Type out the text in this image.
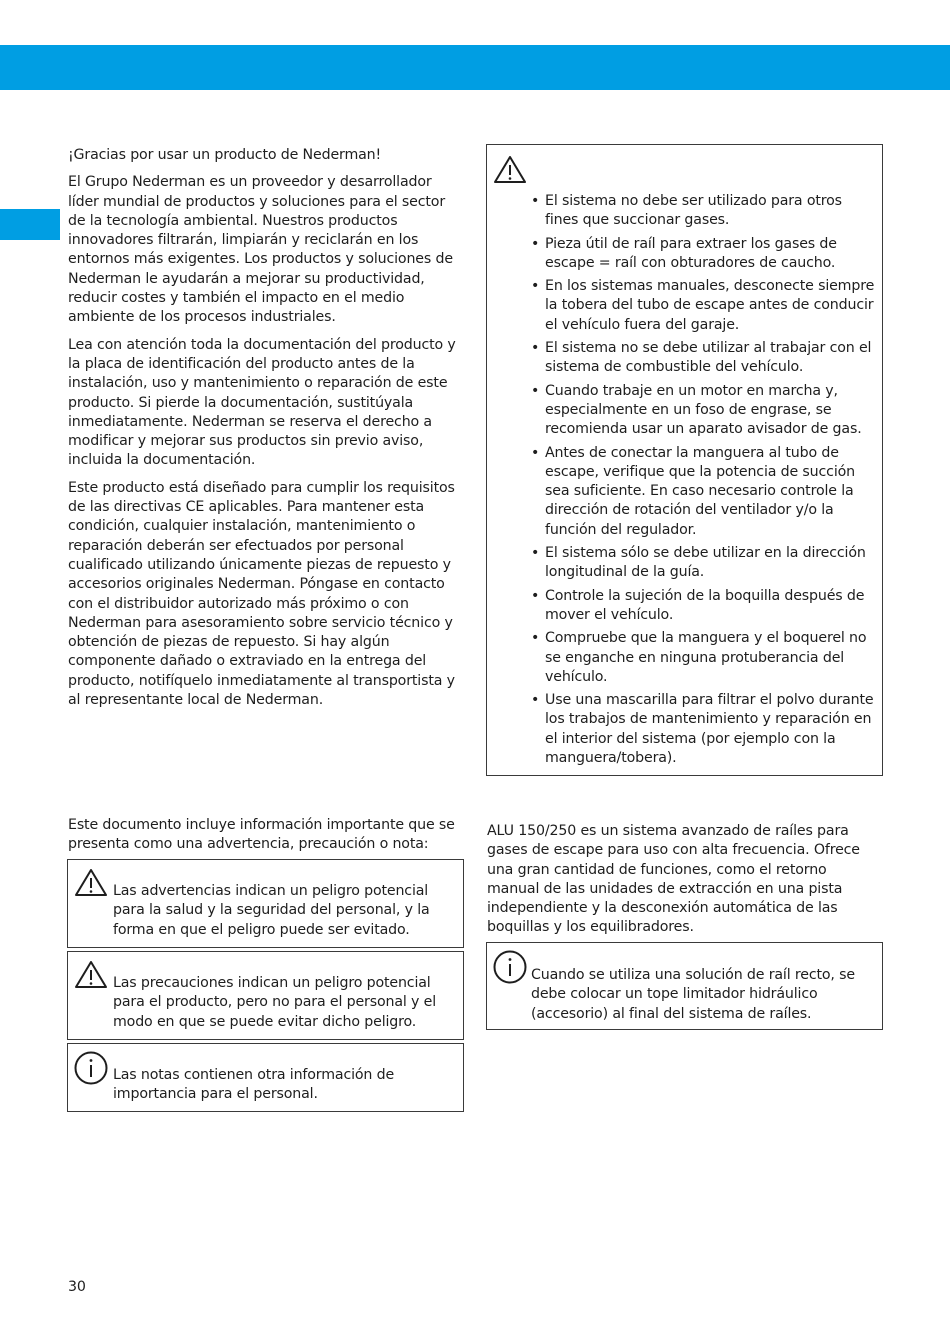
¡Gracias por usar un producto de Nederman!

El Grupo Nederman es un proveedor y desarrollador líder mundial de productos y soluciones para el sector de la tecnología ambiental. Nuestros productos innovadores filtrarán, limpiarán y reciclarán en los entornos más exigentes. Los productos y soluciones de Nederman le ayudarán a mejorar su productividad, reducir costes y también el impacto en el medio ambiente de los procesos industriales.

Lea con atención toda la documentación del producto y la placa de identificación del producto antes de la instalación, uso y mantenimiento o reparación de este producto. Si pierde la documentación, sustitúyala inmediatamente. Nederman se reserva el derecho a modificar y mejorar sus productos sin previo aviso, incluida la documentación.

Este producto está diseñado para cumplir los requisitos de las directivas CE aplicables. Para mantener esta condición, cualquier instalación, mantenimiento o reparación deberán ser efectuados por personal cualificado utilizando únicamente piezas de repuesto y accesorios originales Nederman. Póngase en contacto con el distribuidor autorizado más próximo o con Nederman para asesoramiento sobre servicio técnico y obtención de piezas de repuesto. Si hay algún componente dañado o extraviado en la entrega del producto, notifíquelo inmediatamente al transportista y al representante local de Nederman.

• El sistema no debe ser utilizado para otros fines que succionar gases.
• Pieza útil de raíl para extraer los gases de escape = raíl con obturadores de caucho.
• En los sistemas manuales, desconecte siempre la tobera del tubo de escape antes de conducir el vehículo fuera del garaje.
• El sistema no se debe utilizar al trabajar con el sistema de combustible del vehículo.
• Cuando trabaje en un motor en marcha y, especialmente en un foso de engrase, se recomienda usar un aparato avisador de gas.
• Antes de conectar la manguera al tubo de escape, verifique que la potencia de succión sea suficiente. En caso necesario controle la dirección de rotación del ventilador y/o la función del regulador.
• El sistema sólo se debe utilizar en la dirección longitudinal de la guía.
• Controle la sujeción de la boquilla después de mover el vehículo.
• Compruebe que la manguera y el boquerel no se enganche en ninguna protuberancia del vehículo.
• Use una mascarilla para filtrar el polvo durante los trabajos de mantenimiento y reparación en el interior del sistema (por ejemplo con la manguera/tobera).
Este documento incluye información importante que se presenta como una advertencia, precaución o nota:
Las advertencias indican un peligro potencial para la salud y la seguridad del personal, y la forma en que el peligro puede ser evitado.
Las precauciones indican un peligro potencial para el producto, pero no para el personal y el modo en que se puede evitar dicho peligro.
Las notas contienen otra información de importancia para el personal.
ALU 150/250 es un sistema avanzado de raíles para gases de escape para uso con alta frecuencia. Ofrece una gran cantidad de funciones, como el retorno manual de las unidades de extracción en una pista independiente y la desconexión automática de las boquillas y los equilibradores.
Cuando se utiliza una solución de raíl recto, se debe colocar un tope limitador hidráulico (accesorio) al final del sistema de raíles.
30
